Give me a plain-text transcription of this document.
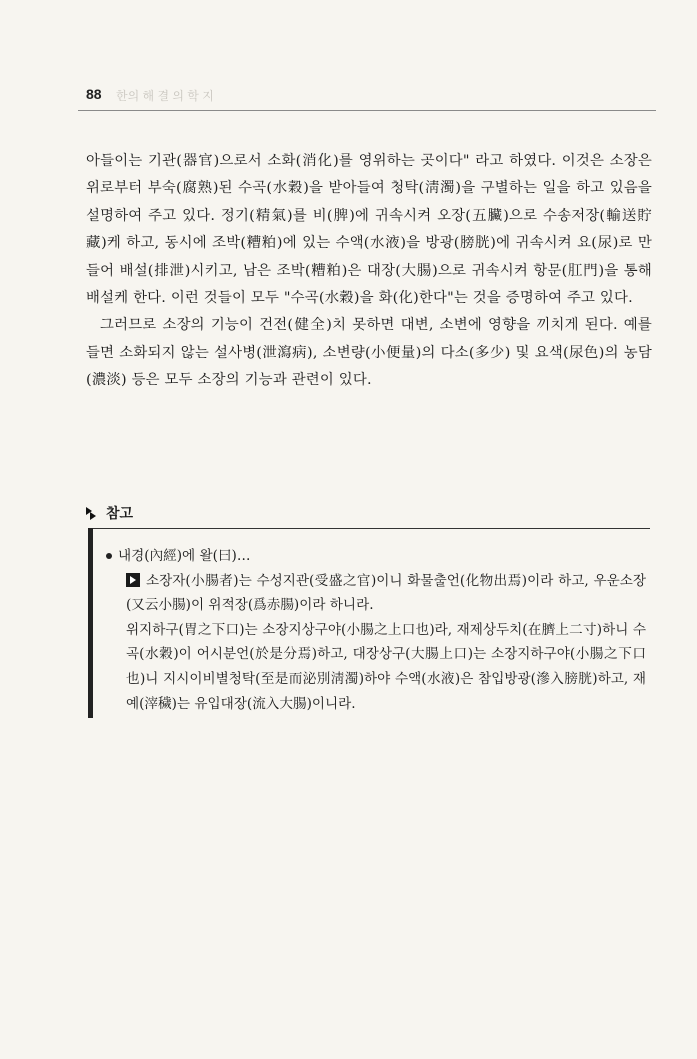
88 한의 해 결 의 학 지

아들이는 기관(器官)으로서 소화(消化)를 영위하는 곳이다" 라고 하였다. 이것은 소장은 위로부터 부숙(腐熟)된 수곡(水穀)을 받아들여 청탁(淸濁)을 구별하는 일을 하고 있음을 설명하여 주고 있다. 정기(精氣)를 비(脾)에 귀속시켜 오장(五臟)으로 수송저장(輸送貯藏)케 하고, 동시에 조박(糟粕)에 있는 수액(水液)을 방광(膀胱)에 귀속시켜 요(尿)로 만들어 배설(排泄)시키고, 남은 조박(糟粕)은 대장(大腸)으로 귀속시켜 항문(肛門)을 통해 배설케 한다. 이런 것들이 모두 "수곡(水穀)을 화(化)한다"는 것을 증명하여 주고 있다.

그러므로 소장의 기능이 건전(健全)치 못하면 대변, 소변에 영향을 끼치게 된다. 예를 들면 소화되지 않는 설사병(泄瀉病), 소변량(小便量)의 다소(多少) 및 요색(尿色)의 농담(濃淡) 등은 모두 소장의 기능과 관련이 있다.

참고
내경(內經)에 왈(曰)…

소장자(小腸者)는 수성지관(受盛之官)이니 화물출언(化物出焉)이라 하고, 우운소장(又云小腸)이 위적장(爲赤腸)이라 하니라.

위지하구(胃之下口)는 소장지상구야(小腸之上口也)라, 재제상두치(在臍上二寸)하니 수곡(水穀)이 어시분언(於是分焉)하고, 대장상구(大腸上口)는 소장지하구야(小腸之下口也)니 지시이비별청탁(至是而泌別淸濁)하야 수액(水液)은 참입방광(滲入膀胱)하고, 재예(滓穢)는 유입대장(流入大腸)이니라.
